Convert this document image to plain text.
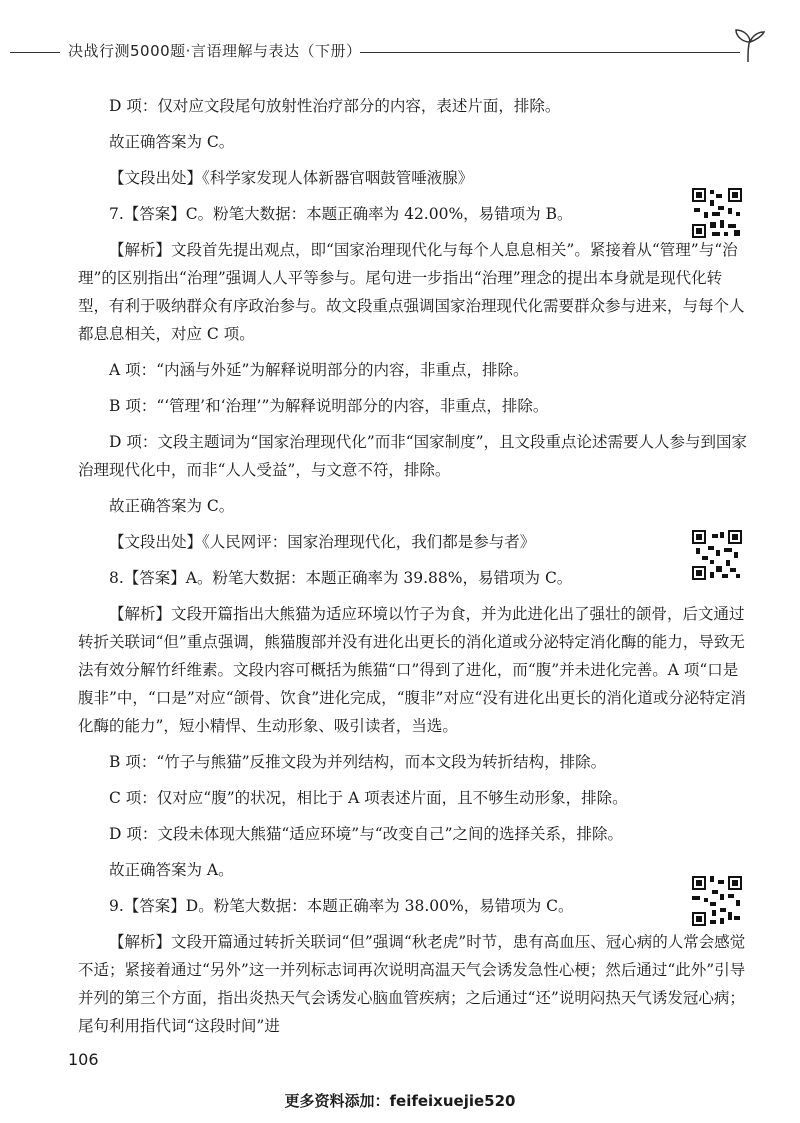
决战行测5000题·言语理解与表达（下册）

D 项：仅对应文段尾句放射性治疗部分的内容，表述片面，排除。

故正确答案为 C。

【文段出处】《科学家发现人体新器官咽鼓管唾液腺》

7.【答案】C。粉笔大数据：本题正确率为 42.00%，易错项为 B。

【解析】文段首先提出观点，即“国家治理现代化与每个人息息相关”。紧接着从“管理”与“治理”的区别指出“治理”强调人人平等参与。尾句进一步指出“治理”理念的提出本身就是现代化转型，有利于吸纳群众有序政治参与。故文段重点强调国家治理现代化需要群众参与进来，与每个人都息息相关，对应 C 项。

A 项：“内涵与外延”为解释说明部分的内容，非重点，排除。

B 项：“‘管理’和‘治理’”为解释说明部分的内容，非重点，排除。

D 项：文段主题词为“国家治理现代化”而非“国家制度”，且文段重点论述需要人人参与到国家治理现代化中，而非“人人受益”，与文意不符，排除。

故正确答案为 C。

【文段出处】《人民网评：国家治理现代化，我们都是参与者》

8.【答案】A。粉笔大数据：本题正确率为 39.88%，易错项为 C。

【解析】文段开篇指出大熊猫为适应环境以竹子为食，并为此进化出了强壮的颌骨，后文通过转折关联词“但”重点强调，熊猫腹部并没有进化出更长的消化道或分泌特定消化酶的能力，导致无法有效分解竹纤维素。文段内容可概括为熊猫“口”得到了进化，而“腹”并未进化完善。A 项“口是腹非”中，“口是”对应“颌骨、饮食”进化完成，“腹非”对应“没有进化出更长的消化道或分泌特定消化酶的能力”，短小精悍、生动形象、吸引读者，当选。

B 项：“竹子与熊猫”反推文段为并列结构，而本文段为转折结构，排除。

C 项：仅对应“腹”的状况，相比于 A 项表述片面，且不够生动形象，排除。

D 项：文段未体现大熊猫“适应环境”与“改变自己”之间的选择关系，排除。

故正确答案为 A。

9.【答案】D。粉笔大数据：本题正确率为 38.00%，易错项为 C。

【解析】文段开篇通过转折关联词“但”强调“秋老虎”时节，患有高血压、冠心病的人常会感觉不适；紧接着通过“另外”这一并列标志词再次说明高温天气会诱发急性心梗；然后通过“此外”引导并列的第三个方面，指出炎热天气会诱发心脑血管疾病；之后通过“还”说明闷热天气诱发冠心病；尾句利用指代词“这段时间”进

106
更多资料添加：feifeixuejie520
